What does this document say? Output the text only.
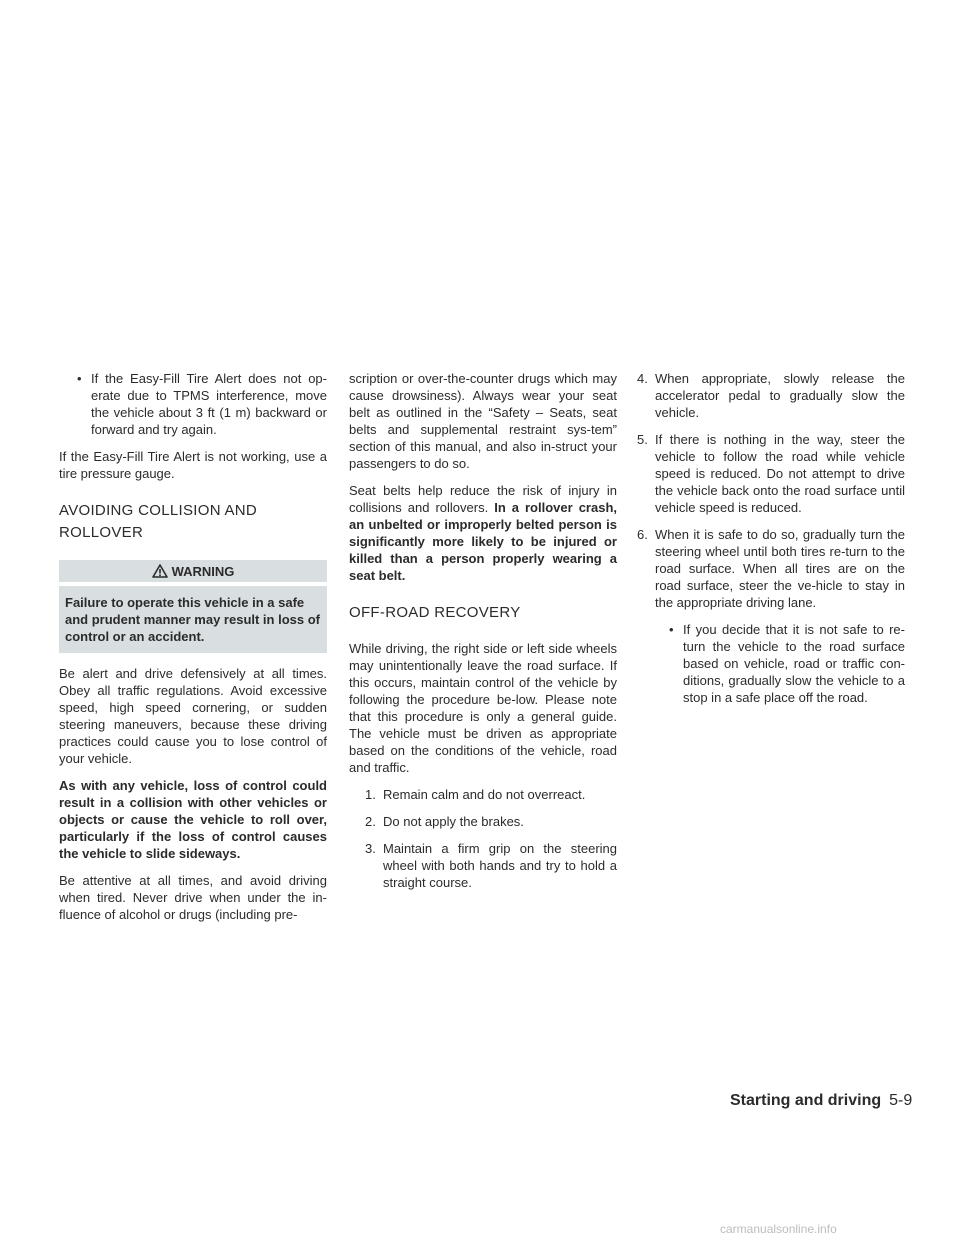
• If the Easy-Fill Tire Alert does not op-erate due to TPMS interference, move the vehicle about 3 ft (1 m) backward or forward and try again.

If the Easy-Fill Tire Alert is not working, use a tire pressure gauge.

AVOIDING COLLISION AND
ROLLOVER
WARNING
Failure to operate this vehicle in a safe and prudent manner may result in loss of control or an accident.

Be alert and drive defensively at all times. Obey all traffic regulations. Avoid excessive speed, high speed cornering, or sudden steering maneuvers, because these driving practices could cause you to lose control of your vehicle.

As with any vehicle, loss of control could result in a collision with other vehicles or objects or cause the vehicle to roll over, particularly if the loss of control causes the vehicle to slide sideways.

Be attentive at all times, and avoid driving when tired. Never drive when under the in-fluence of alcohol or drugs (including pre-

scription or over-the-counter drugs which may cause drowsiness). Always wear your seat belt as outlined in the “Safety – Seats, seat belts and supplemental restraint sys-tem” section of this manual, and also in-struct your passengers to do so.

Seat belts help reduce the risk of injury in collisions and rollovers. In a rollover crash, an unbelted or improperly belted person is significantly more likely to be injured or killed than a person properly wearing a seat belt.

OFF-ROAD RECOVERY

While driving, the right side or left side wheels may unintentionally leave the road surface. If this occurs, maintain control of the vehicle by following the procedure be-low. Please note that this procedure is only a general guide. The vehicle must be driven as appropriate based on the conditions of the vehicle, road and traffic.

1. Remain calm and do not overreact.
2. Do not apply the brakes.
3. Maintain a firm grip on the steering wheel with both hands and try to hold a straight course.
4. When appropriate, slowly release the accelerator pedal to gradually slow the vehicle.
5. If there is nothing in the way, steer the vehicle to follow the road while vehicle speed is reduced. Do not attempt to drive the vehicle back onto the road surface until vehicle speed is reduced.
6. When it is safe to do so, gradually turn the steering wheel until both tires re-turn to the road surface. When all tires are on the road surface, steer the ve-hicle to stay in the appropriate driving lane.
• If you decide that it is not safe to re-turn the vehicle to the road surface based on vehicle, road or traffic con-ditions, gradually slow the vehicle to a stop in a safe place off the road.
Starting and driving 5-9
carmanualsonline.info
